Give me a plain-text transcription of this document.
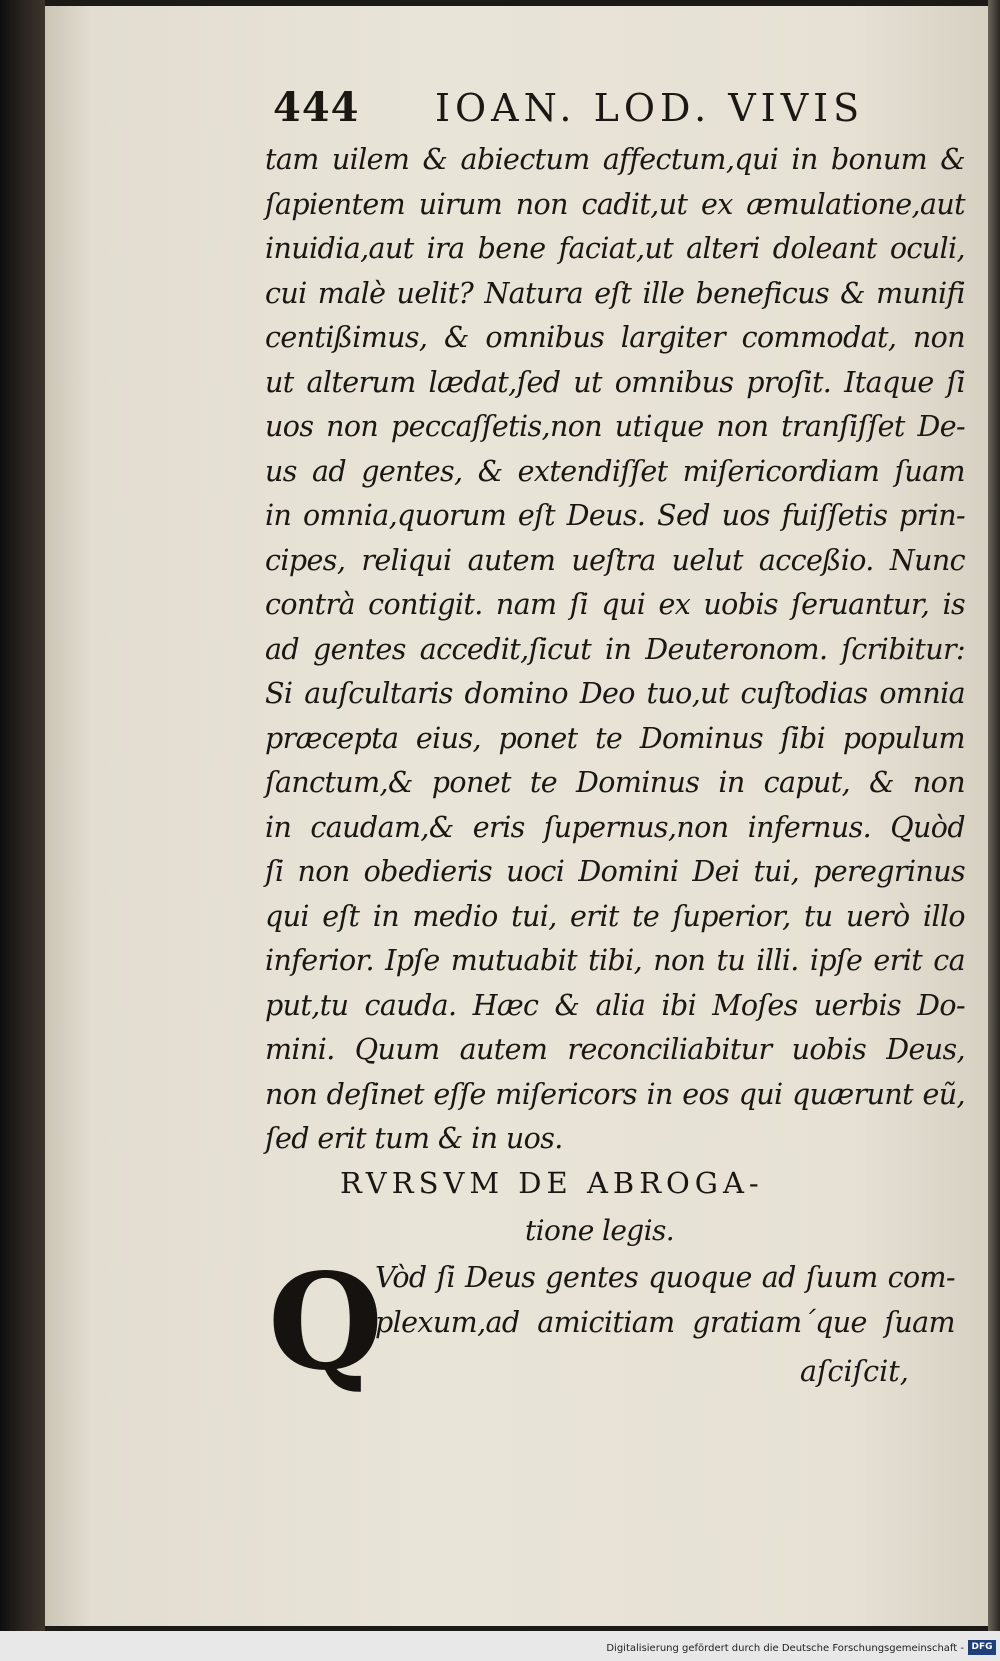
444 IOAN. LOD. VIVIS
tam uilem & abiectum affectum,qui in bonum &
ſapientem uirum non cadit,ut ex æmulatione,aut
inuidia,aut ira bene faciat,ut alteri doleant oculi,
cui malè uelit? Natura eſt ille beneficus & munifi
centißimus, & omnibus largiter commodat, non
ut alterum lædat,ſed ut omnibus proſit. Itaque ſi
uos non peccaſſetis,non utique non tranſiſſet De-
us ad gentes, & extendiſſet miſericordiam ſuam
in omnia,quorum eſt Deus. Sed uos fuiſſetis prin-
cipes, reliqui autem ueſtra uelut acceßio. Nunc
contrà contigit. nam ſi qui ex uobis ſeruantur, is
ad gentes accedit,ſicut in Deuteronom. ſcribitur:
Si auſcultaris domino Deo tuo,ut cuſtodias omnia
præcepta eius, ponet te Dominus ſibi populum
ſanctum,& ponet te Dominus in caput, & non
in caudam,& eris ſupernus,non infernus. Quòd
ſi non obedieris uoci Domini Dei tui, peregrinus
qui eſt in medio tui, erit te ſuperior, tu uerò illo
inferior. Ipſe mutuabit tibi, non tu illi. ipſe erit ca
put,tu cauda. Hæc & alia ibi Moſes uerbis Do-
mini. Quum autem reconciliabitur uobis Deus,
non deſinet eſſe miſericors in eos qui quærunt eũ,
ſed erit tum & in uos.
RVRSVM DE ABROGA-
tione legis.
Q
Vòd ſi Deus gentes quoque ad ſuum com-
plexum,ad amicitiam gratiam´que ſuam
aſciſcit,
Digitalisierung gefördert durch die Deutsche Forschungsgemeinschaft - DFG
